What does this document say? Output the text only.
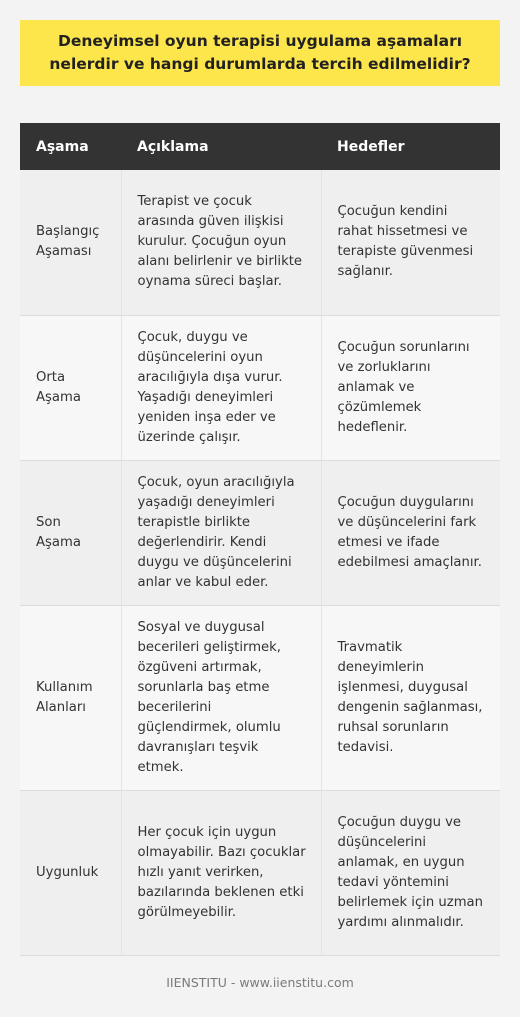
Deneyimsel oyun terapisi uygulama aşamaları nelerdir ve hangi durumlarda tercih edilmelidir?
Aşama	Açıklama	Hedefler
Başlangıç Aşaması	Terapist ve çocuk arasında güven ilişkisi kurulur. Çocuğun oyun alanı belirlenir ve birlikte oynama süreci başlar.	Çocuğun kendini rahat hissetmesi ve terapiste güvenmesi sağlanır.
Orta Aşama	Çocuk, duygu ve düşüncelerini oyun aracılığıyla dışa vurur. Yaşadığı deneyimleri yeniden inşa eder ve üzerinde çalışır.	Çocuğun sorunlarını ve zorluklarını anlamak ve çözümlemek hedeflenir.
Son Aşama	Çocuk, oyun aracılığıyla yaşadığı deneyimleri terapistle birlikte değerlendirir. Kendi duygu ve düşüncelerini anlar ve kabul eder.	Çocuğun duygularını ve düşüncelerini fark etmesi ve ifade edebilmesi amaçlanır.
Kullanım Alanları	Sosyal ve duygusal becerileri geliştirmek, özgüveni artırmak, sorunlarla baş etme becerilerini güçlendirmek, olumlu davranışları teşvik etmek.	Travmatik deneyimlerin işlenmesi, duygusal dengenin sağlanması, ruhsal sorunların tedavisi.
Uygunluk	Her çocuk için uygun olmayabilir. Bazı çocuklar hızlı yanıt verirken, bazılarında beklenen etki görülmeyebilir.	Çocuğun duygu ve düşüncelerini anlamak, en uygun tedavi yöntemini belirlemek için uzman yardımı alınmalıdır.
IIENSTITU - www.iienstitu.com
